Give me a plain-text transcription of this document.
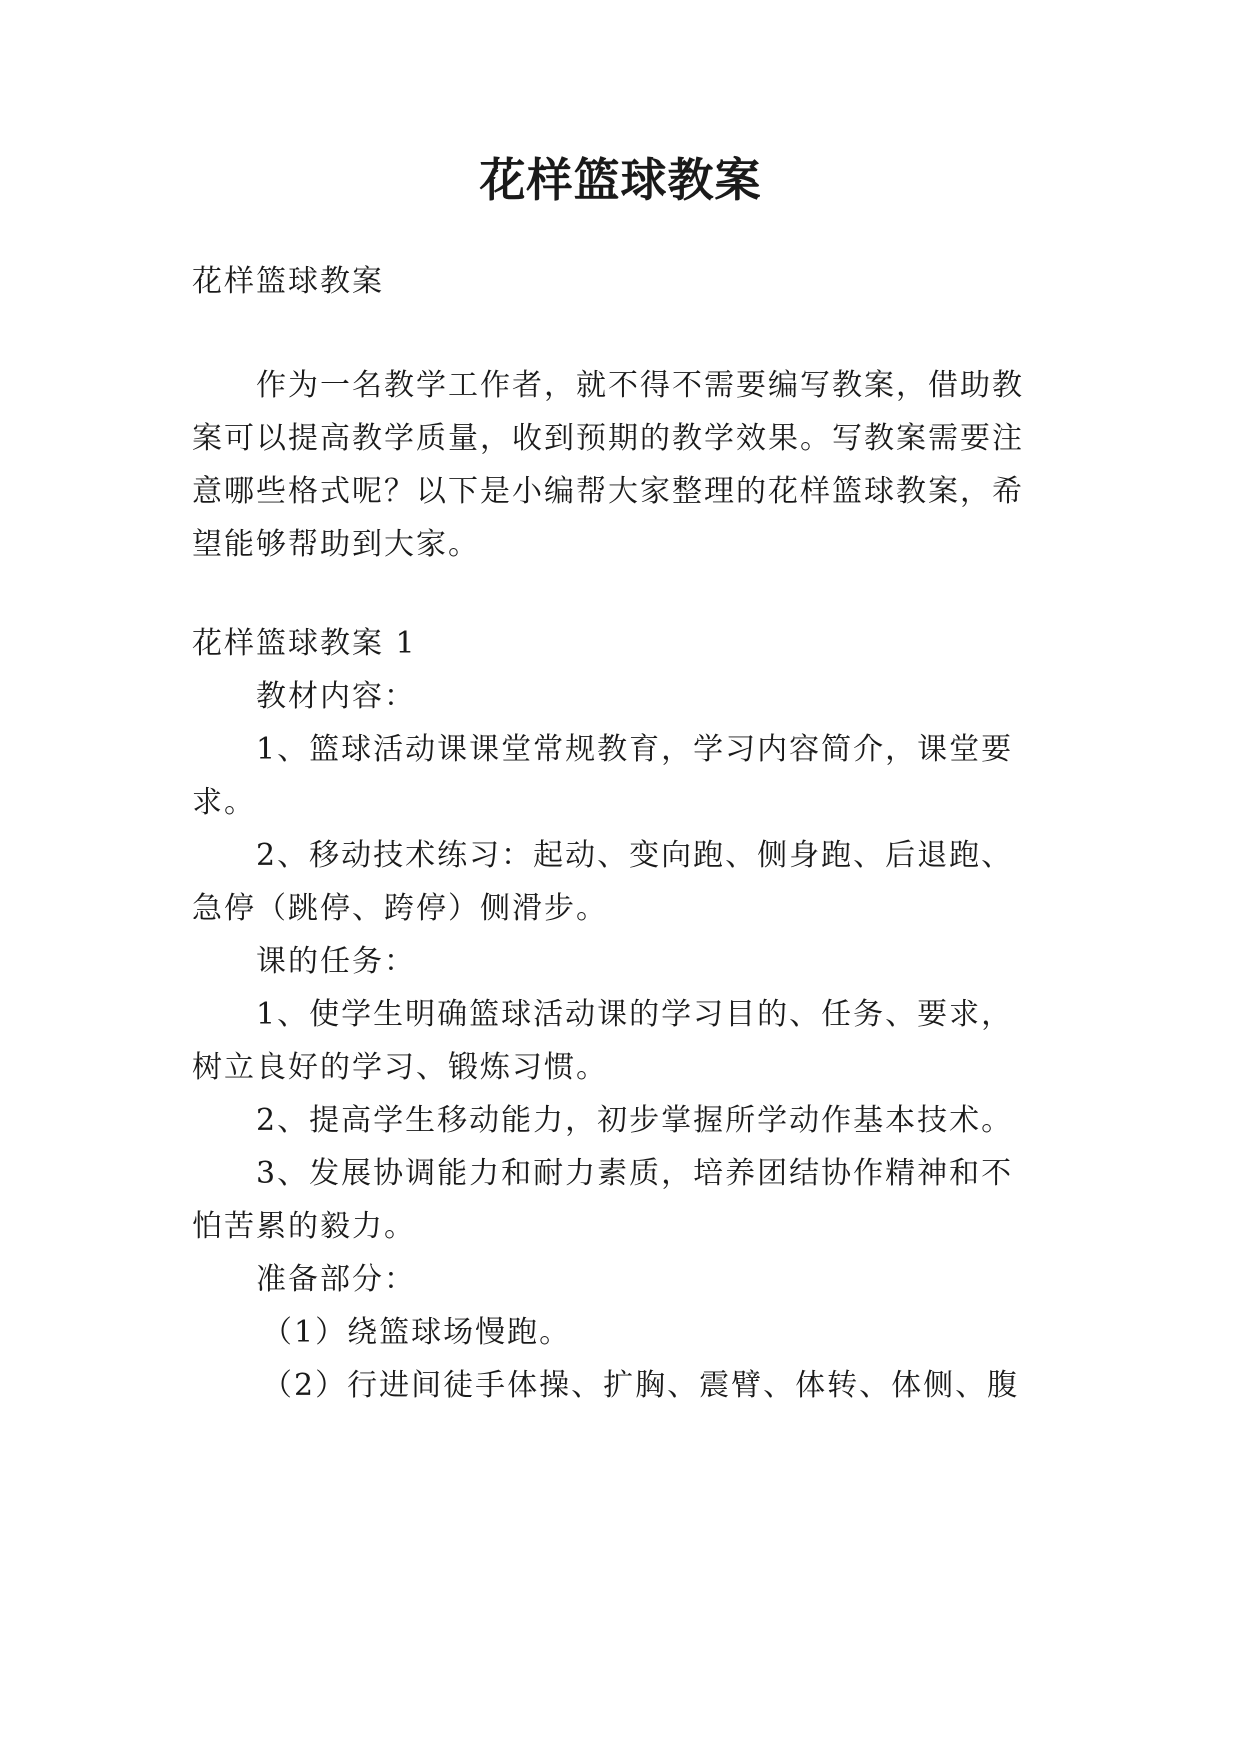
花样篮球教案
花样篮球教案
作为一名教学工作者，就不得不需要编写教案，借助教
案可以提高教学质量，收到预期的教学效果。写教案需要注
意哪些格式呢？以下是小编帮大家整理的花样篮球教案，希
望能够帮助到大家。
花样篮球教案 1
教材内容：
1、篮球活动课课堂常规教育，学习内容简介，课堂要
求。
2、移动技术练习：起动、变向跑、侧身跑、后退跑、
急停（跳停、跨停）侧滑步。
课的任务：
1、使学生明确篮球活动课的学习目的、任务、要求，
树立良好的学习、锻炼习惯。
2、提高学生移动能力，初步掌握所学动作基本技术。
3、发展协调能力和耐力素质，培养团结协作精神和不
怕苦累的毅力。
准备部分：
（1）绕篮球场慢跑。
（2）行进间徒手体操、扩胸、震臂、体转、体侧、腹
